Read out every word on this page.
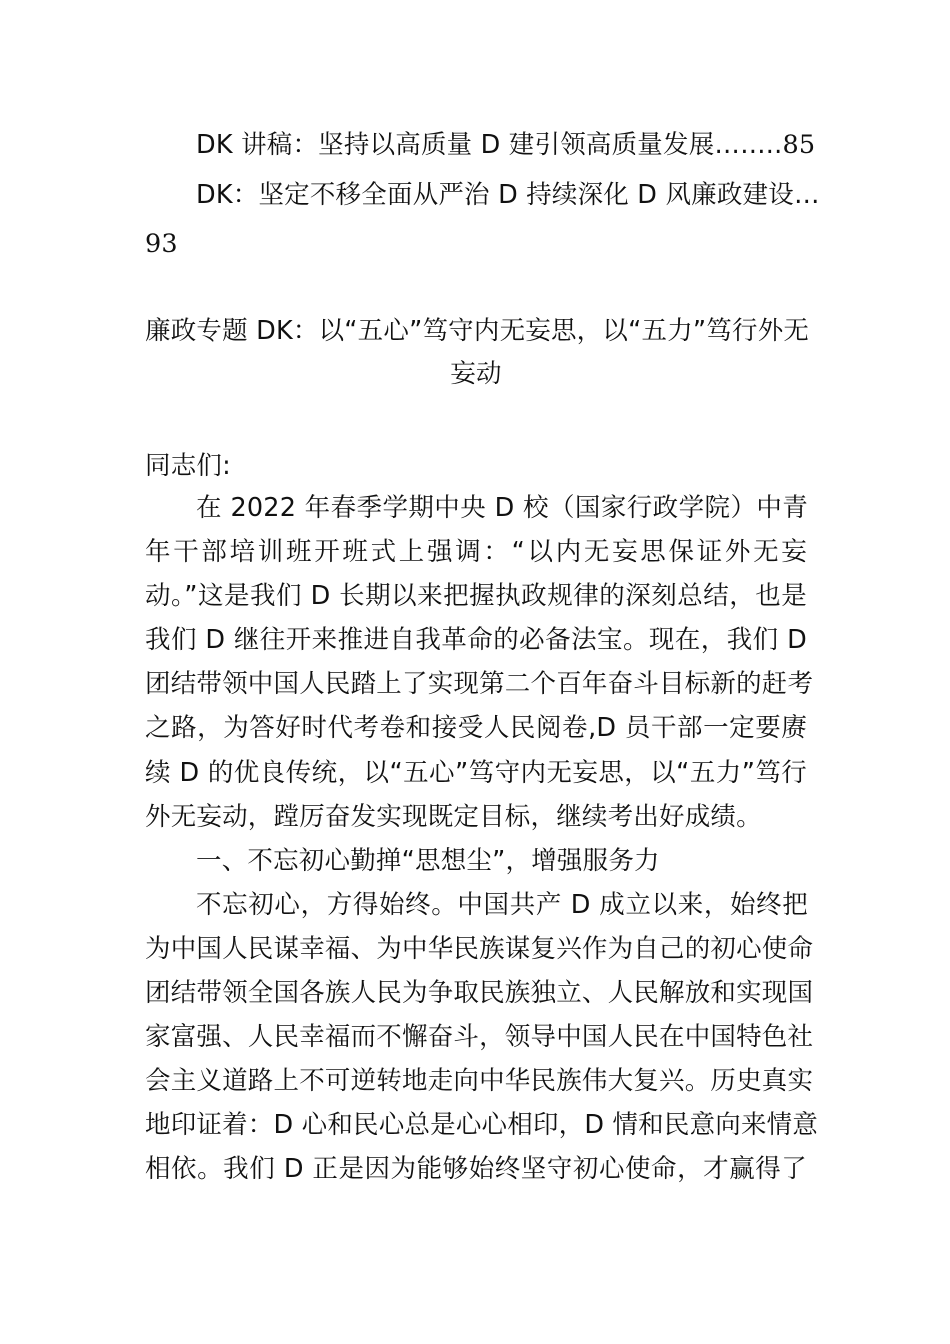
DK 讲稿：坚持以高质量 D 建引领高质量发展……..85
DK：坚定不移全面从严治 D 持续深化 D 风廉政建设…
93
廉政专题 DK：以“五心”笃守内无妄思，以“五力”笃行外无
妄动
同志们:
在 2022 年春季学期中央 D 校（国家行政学院）中青
年干部培训班开班式上强调：“以内无妄思保证外无妄
动。”这是我们 D 长期以来把握执政规律的深刻总结，也是
我们 D 继往开来推进自我革命的必备法宝。现在，我们 D
团结带领中国人民踏上了实现第二个百年奋斗目标新的赶考
之路，为答好时代考卷和接受人民阅卷,D 员干部一定要赓
续 D 的优良传统，以“五心”笃守内无妄思，以“五力”笃行
外无妄动，蹚厉奋发实现既定目标，继续考出好成绩。
一、不忘初心勤掸“思想尘”，增强服务力
不忘初心，方得始终。中国共产 D 成立以来，始终把
为中国人民谋幸福、为中华民族谋复兴作为自己的初心使命
团结带领全国各族人民为争取民族独立、人民解放和实现国
家富强、人民幸福而不懈奋斗，领导中国人民在中国特色社
会主义道路上不可逆转地走向中华民族伟大复兴。历史真实
地印证着：D 心和民心总是心心相印，D 情和民意向来情意
相依。我们 D 正是因为能够始终坚守初心使命，才赢得了
